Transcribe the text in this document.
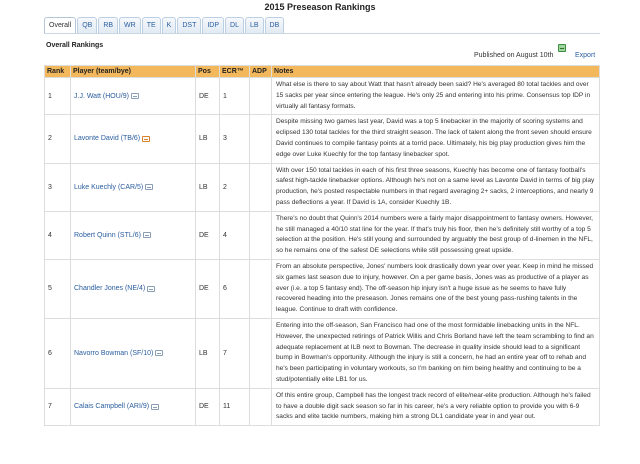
2015 Preseason Rankings
Overall	QB	RB	WR	TE	K	DST	IDP	DL	LB	DB
Overall Rankings
Published on August 10th	Export
Rank	Player (team/bye)	Pos	ECR™	ADP	Notes
1	J.J. Watt (HOU/9)	DE	1		What else is there to say about Watt that hasn't already been said? He's averaged 80 total tackles and over 15 sacks per year since entering the league. He's only 25 and entering into his prime. Consensus top IDP in virtually all fantasy formats.
2	Lavonte David (TB/6)	LB	3		Despite missing two games last year, David was a top 5 linebacker in the majority of scoring systems and eclipsed 130 total tackles for the third straight season. The lack of talent along the front seven should ensure David continues to compile fantasy points at a torrid pace. Ultimately, his big play production gives him the edge over Luke Kuechly for the top fantasy linebacker spot.
3	Luke Kuechly (CAR/5)	LB	2		With over 150 total tackles in each of his first three seasons, Kuechly has become one of fantasy football's safest high-tackle linebacker options. Although he's not on a same level as Lavonte David in terms of big play production, he's posted respectable numbers in that regard averaging 2+ sacks, 2 interceptions, and nearly 9 pass deflections a year. If David is 1A, consider Kuechly 1B.
4	Robert Quinn (STL/6)	DE	4		There's no doubt that Quinn's 2014 numbers were a fairly major disappointment to fantasy owners. However, he still managed a 40/10 stat line for the year. If that's truly his floor, then he's definitely still worthy of a top 5 selection at the position. He's still young and surrounded by arguably the best group of d-linemen in the NFL, so he remains one of the safest DE selections while still possessing great upside.
5	Chandler Jones (NE/4)	DE	6		From an absolute perspective, Jones' numbers look drastically down year over year. Keep in mind he missed six games last season due to injury, however. On a per game basis, Jones was as productive of a player as ever (i.e. a top 5 fantasy end). The off-season hip injury isn't a huge issue as he seems to have fully recovered heading into the preseason. Jones remains one of the best young pass-rushing talents in the league. Continue to draft with confidence.
6	Navorro Bowman (SF/10)	LB	7		Entering into the off-season, San Francisco had one of the most formidable linebacking units in the NFL. However, the unexpected retirings of Patrick Willis and Chris Borland have left the team scrambling to find an adequate replacement at ILB next to Bowman. The decrease in quality inside should lead to a significant bump in Bowman's opportunity. Although the injury is still a concern, he had an entire year off to rehab and he's been participating in voluntary workouts, so I'm banking on him being healthy and continuing to be a stud/potentially elite LB1 for us.
7	Calais Campbell (ARI/9)	DE	11		Of this entire group, Campbell has the longest track record of elite/near-elite production. Although he's failed to have a double digit sack season so far in his career, he's a very reliable option to provide you with 6-9 sacks and elite tackle numbers, making him a strong DL1 candidate year in and year out.
